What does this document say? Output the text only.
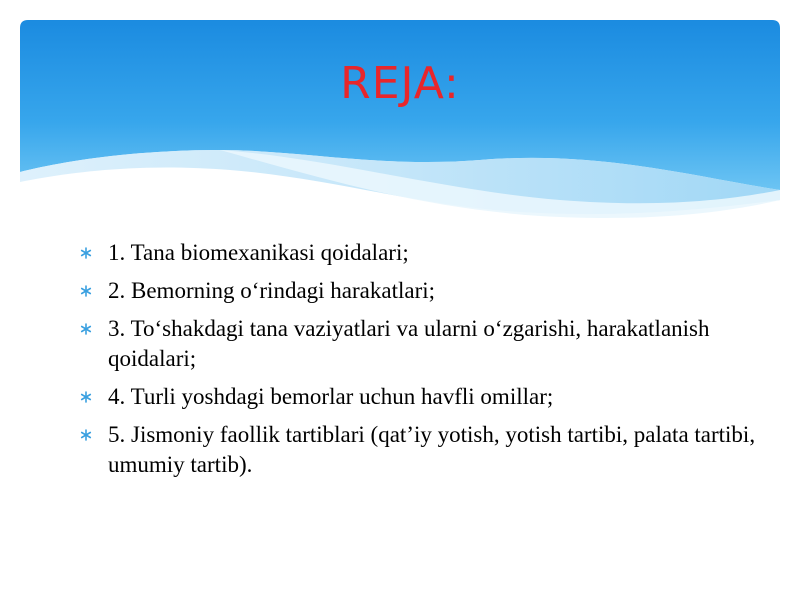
REJA:
1. Tana biomexanikasi qoidalari;
2. Bemorning o‘rindagi harakatlari;
3. To‘shakdagi tana vaziyatlari va ularni o‘zgarishi, harakatlanish qoidalari;
4. Turli yoshdagi bemorlar uchun havfli omillar;
5. Jismoniy faollik tartiblari (qat’iy yotish, yotish tartibi, palata tartibi, umumiy tartib).
